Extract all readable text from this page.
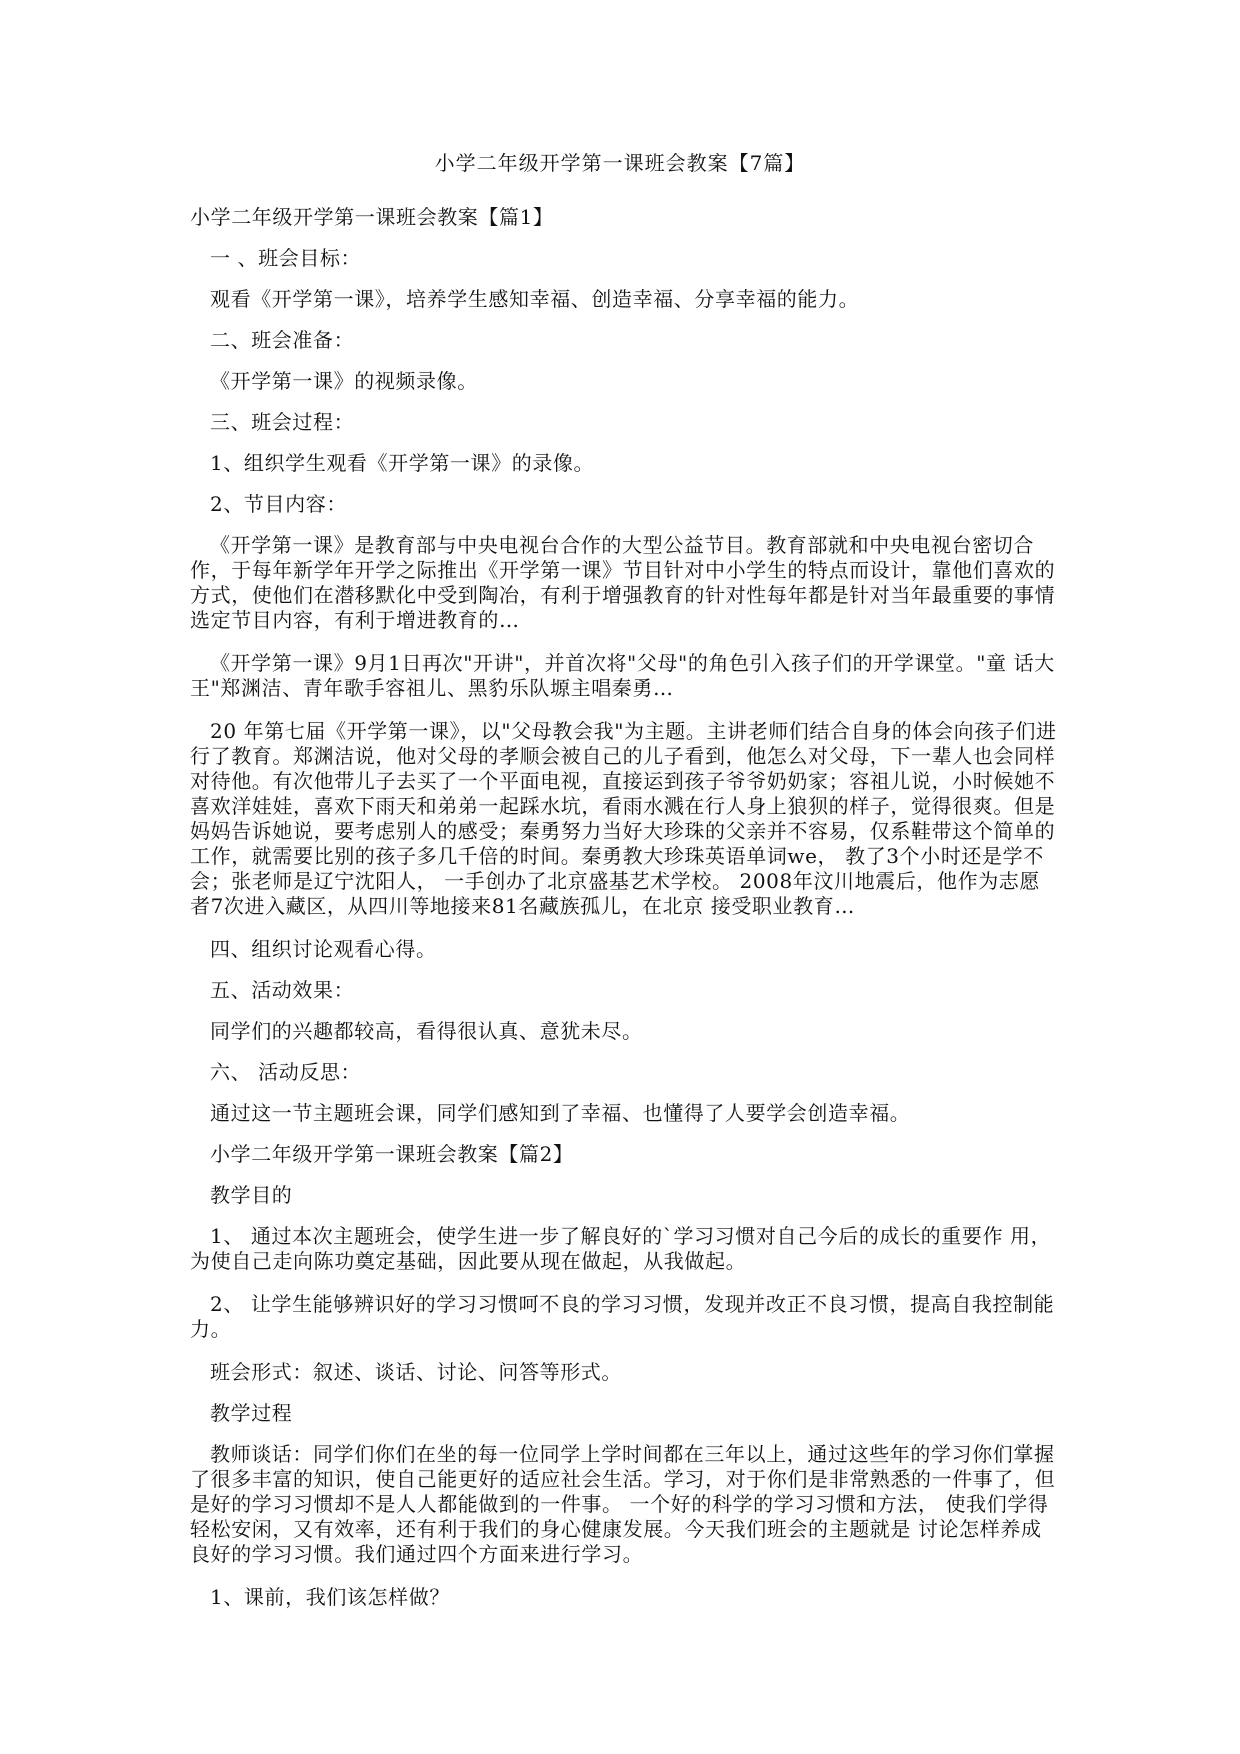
小学二年级开学第一课班会教案【7篇】

小学二年级开学第一课班会教案【篇1】

一 、班会目标：

观看《开学第一课》，培养学生感知幸福、创造幸福、分享幸福的能力。

二、班会准备：

《开学第一课》的视频录像。

三、班会过程：

1、组织学生观看《开学第一课》的录像。

2、节目内容：

《开学第一课》是教育部与中央电视台合作的大型公益节目。教育部就和中央电视台密切合作，于每年新学年开学之际推出《开学第一课》节目针对中小学生的特点而设计，靠他们喜欢的方式，使他们在潜移默化中受到陶冶，有利于增强教育的针对性每年都是针对当年最重要的事情选定节目内容，有利于增进教育的…

《开学第一课》9月1日再次"开讲"，并首次将"父母"的角色引入孩子们的开学课堂。"童 话大王"郑渊洁、青年歌手容祖儿、黑豹乐队塬主唱秦勇…

20 年第七届《开学第一课》，以"父母教会我"为主题。主讲老师们结合自身的体会向孩子们进行了教育。郑渊洁说，他对父母的孝顺会被自己的儿子看到，他怎么对父母，下一辈人也会同样对待他。有次他带儿子去买了一个平面电视，直接运到孩子爷爷奶奶家；容祖儿说，小时候她不喜欢洋娃娃，喜欢下雨天和弟弟一起踩水坑，看雨水溅在行人身上狼狈的样子，觉得很爽。但是妈妈告诉她说，要考虑别人的感受；秦勇努力当好大珍珠的父亲并不容易，仅系鞋带这个简单的工作，就需要比别的孩子多几千倍的时间。秦勇教大珍珠英语单词we， 教了3个小时还是学不会；张老师是辽宁沈阳人， 一手创办了北京盛基艺术学校。 2008年汶川地震后，他作为志愿者7次进入藏区，从四川等地接来81名藏族孤儿，在北京 接受职业教育…

四、组织讨论观看心得。

五、活动效果：

同学们的兴趣都较高，看得很认真、意犹未尽。

六、 活动反思：

通过这一节主题班会课，同学们感知到了幸福、也懂得了人要学会创造幸福。

小学二年级开学第一课班会教案【篇2】

教学目的

1、 通过本次主题班会，使学生进一步了解良好的`学习习惯对自己今后的成长的重要作 用，为使自己走向陈功奠定基础，因此要从现在做起，从我做起。

2、 让学生能够辨识好的学习习惯呵不良的学习习惯，发现并改正不良习惯，提高自我控制能力。

班会形式：叙述、谈话、讨论、问答等形式。

教学过程

教师谈话：同学们你们在坐的每一位同学上学时间都在三年以上，通过这些年的学习你们掌握了很多丰富的知识，使自己能更好的适应社会生活。学习，对于你们是非常熟悉的一件事了，但是好的学习习惯却不是人人都能做到的一件事。 一个好的科学的学习习惯和方法， 使我们学得轻松安闲，又有效率，还有利于我们的身心健康发展。今天我们班会的主题就是 讨论怎样养成良好的学习习惯。我们通过四个方面来进行学习。

1、课前，我们该怎样做？
